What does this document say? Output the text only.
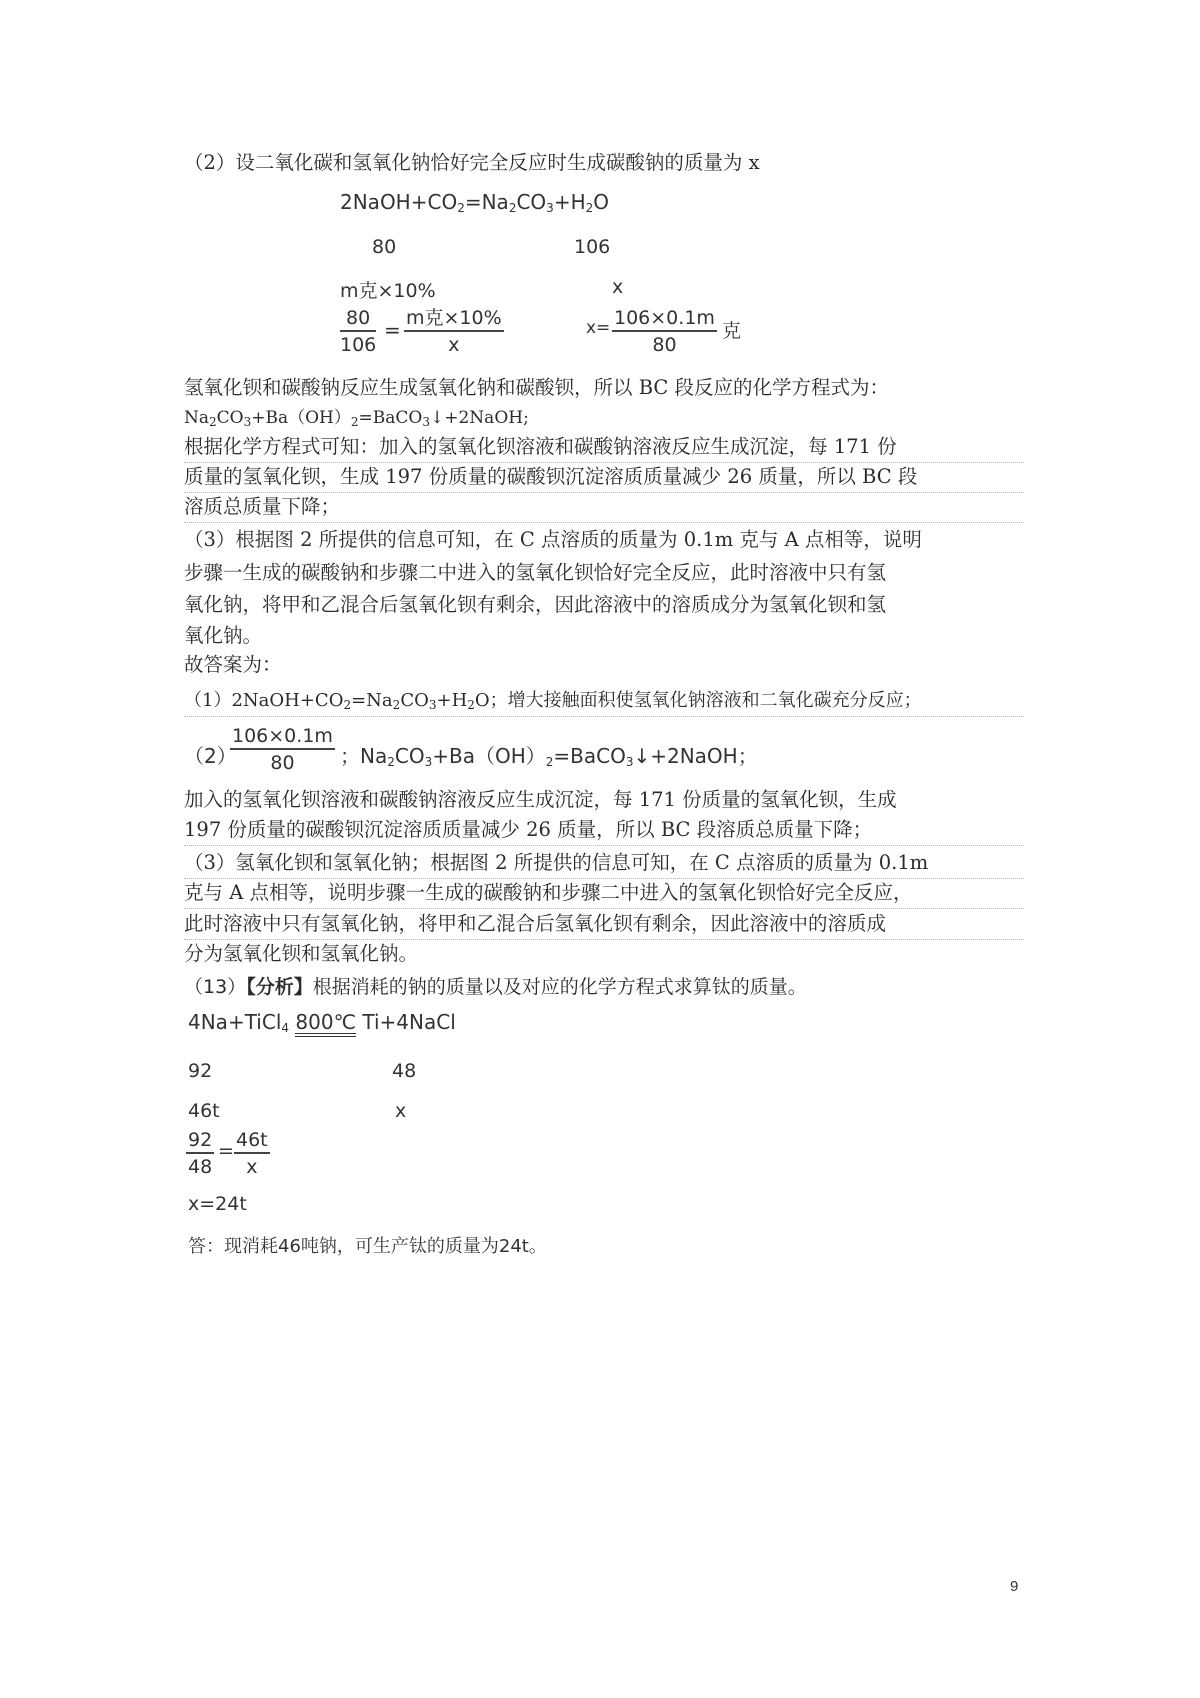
（2）设二氧化碳和氢氧化钠恰好完全反应时生成碳酸钠的质量为 x
$2NaOH+CO_2=Na_2CO_3+H_2O$
80	106
m克×10%	x
$\frac{80}{106} = m$克×10%
x
$x= \frac{106\times 0.1m}{80}$ 克
氢氧化钡和碳酸钠反应生成氢氧化钠和碳酸钡，所以 BC 段反应的化学方程式为：
$Na_2CO_3+Ba(OH)_2=BaCO_3↓+2NaOH$;
根据化学方程式可知：加入的氢氧化钡溶液和碳酸钠溶液反应生成沉淀，每 171 份
质量的氢氧化钡，生成 197 份质量的碳酸钡沉淀溶质质量减少 26 质量，所以 BC 段
溶质总质量下降；
（3）根据图 2 所提供的信息可知，在 C 点溶质的质量为 0.1m 克与 A 点相等，说明
步骤一生成的碳酸钠和步骤二中进入的氢氧化钡恰好完全反应，此时溶液中只有氢
氧化钠，将甲和乙混合后氢氧化钡有剩余，因此溶液中的溶质成分为氢氧化钡和氢
氧化钠。
故答案为：
$(1)2NaOH+CO_2=Na_2CO_3+H_2O$；增大接触面积使氢氧化钠溶液和二氧化碳充分反应；
（2）
$\frac{106\times 0.1m}{80}$ ；$Na_2CO_3+Ba(OH)_2=BaCO_3↓+2NaOH$；
加入的氢氧化钡溶液和碳酸钠溶液反应生成沉淀，每 171 份质量的氢氧化钡，生成
197 份质量的碳酸钡沉淀溶质质量减少 26 质量，所以 BC 段溶质总质量下降；
（3）氢氧化钡和氢氧化钠；根据图 2 所提供的信息可知，在 C 点溶质的质量为 0.1m
克与 A 点相等，说明步骤一生成的碳酸钠和步骤二中进入的氢氧化钡恰好完全反应，
此时溶液中只有氢氧化钠，将甲和乙混合后氢氧化钡有剩余，因此溶液中的溶质成
分为氢氧化钡和氢氧化钠。
（13）【分析】根据消耗的钠的质量以及对应的化学方程式求算钛的质量。
4Na+TiCl$_4$ 800℃ Ti+4NaCl
92	48
46t	x
$\frac{92}{48} = \frac{46t}{x}$
x=24t
答：现消耗46吨钠，可生产钛的质量为24t。
9
